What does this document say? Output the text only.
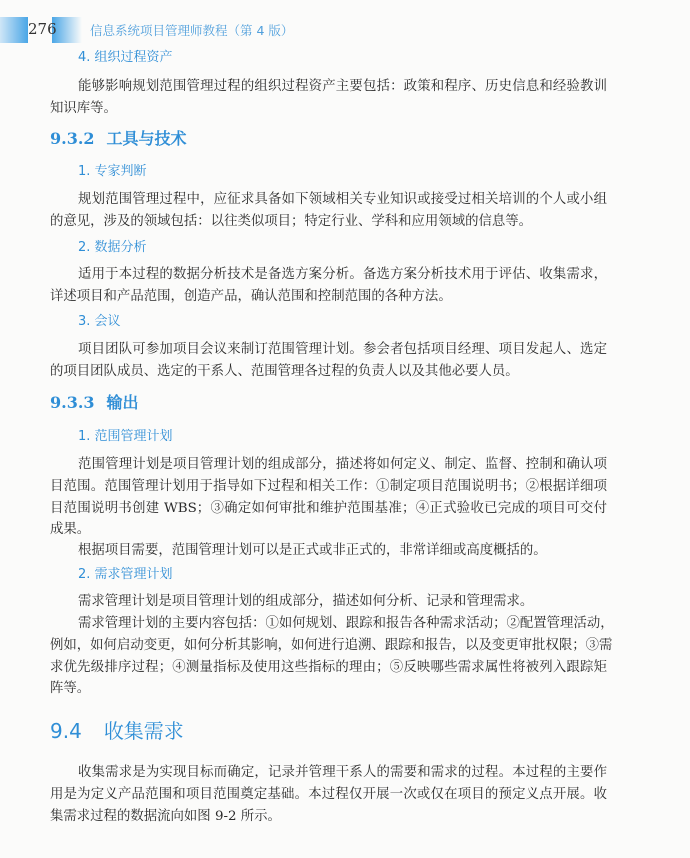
276	信息系统项目管理师教程（第 4 版）
4. 组织过程资产
能够影响规划范围管理过程的组织过程资产主要包括：政策和程序、历史信息和经验教训
知识库等。
9.3.2 工具与技术
1. 专家判断
规划范围管理过程中，应征求具备如下领域相关专业知识或接受过相关培训的个人或小组
的意见，涉及的领域包括：以往类似项目；特定行业、学科和应用领域的信息等。
2. 数据分析
适用于本过程的数据分析技术是备选方案分析。备选方案分析技术用于评估、收集需求，
详述项目和产品范围，创造产品，确认范围和控制范围的各种方法。
3. 会议
项目团队可参加项目会议来制订范围管理计划。参会者包括项目经理、项目发起人、选定
的项目团队成员、选定的干系人、范围管理各过程的负责人以及其他必要人员。
9.3.3 输出
1. 范围管理计划
范围管理计划是项目管理计划的组成部分，描述将如何定义、制定、监督、控制和确认项
目范围。范围管理计划用于指导如下过程和相关工作：①制定项目范围说明书；②根据详细项
目范围说明书创建 WBS；③确定如何审批和维护范围基准；④正式验收已完成的项目可交付
成果。
根据项目需要，范围管理计划可以是正式或非正式的，非常详细或高度概括的。
2. 需求管理计划
需求管理计划是项目管理计划的组成部分，描述如何分析、记录和管理需求。
需求管理计划的主要内容包括：①如何规划、跟踪和报告各种需求活动；②配置管理活动，
例如，如何启动变更，如何分析其影响，如何进行追溯、跟踪和报告，以及变更审批权限；③需
求优先级排序过程；④测量指标及使用这些指标的理由；⑤反映哪些需求属性将被列入跟踪矩
阵等。
9.4 收集需求
收集需求是为实现目标而确定，记录并管理干系人的需要和需求的过程。本过程的主要作
用是为定义产品范围和项目范围奠定基础。本过程仅开展一次或仅在项目的预定义点开展。收
集需求过程的数据流向如图 9-2 所示。
